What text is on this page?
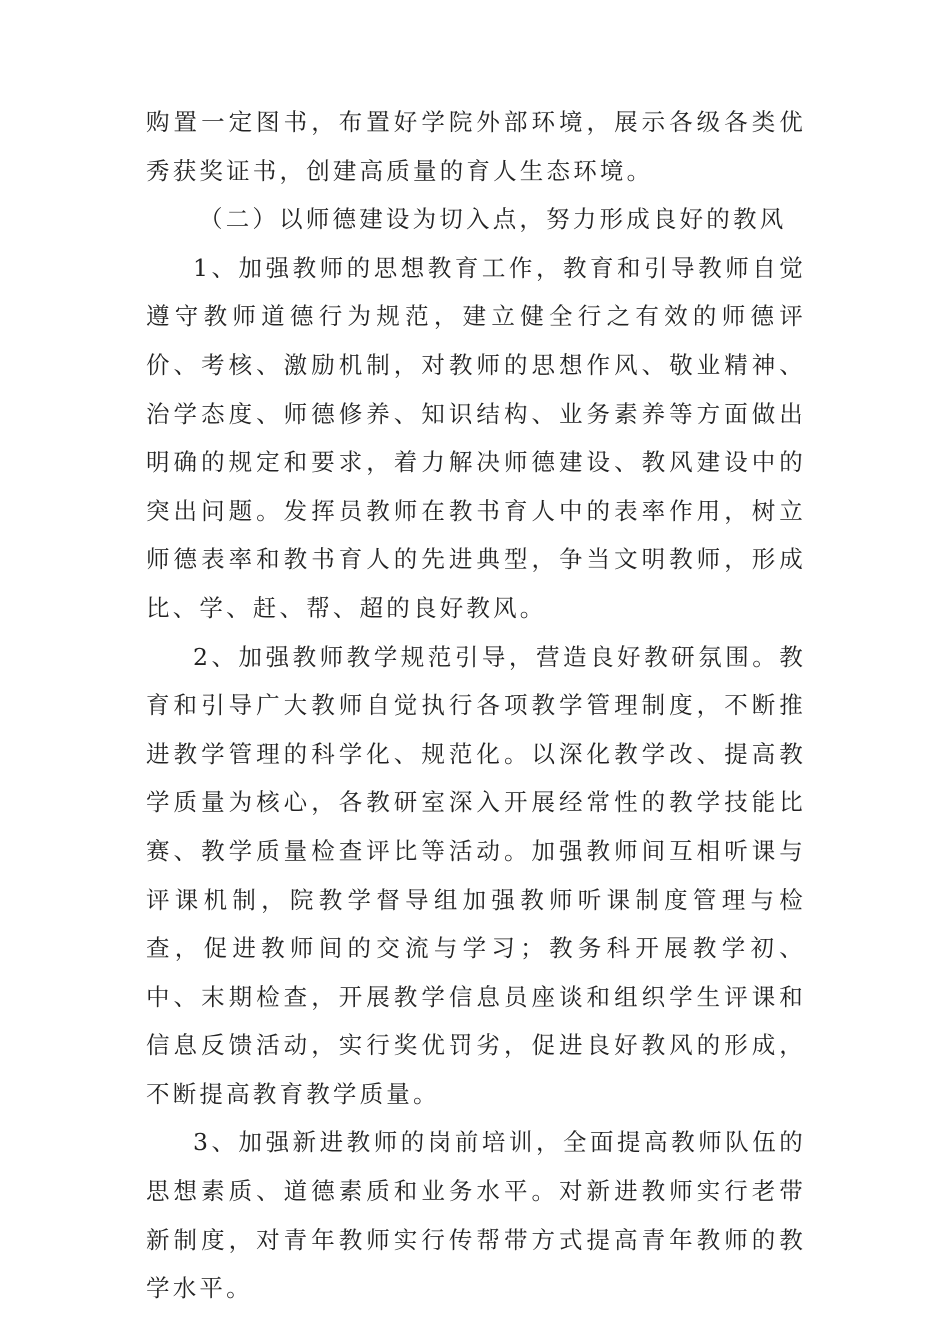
购置一定图书，布置好学院外部环境，展示各级各类优秀获奖证书，创建高质量的育人生态环境。

（二）以师德建设为切入点，努力形成良好的教风

1、加强教师的思想教育工作，教育和引导教师自觉遵守教师道德行为规范，建立健全行之有效的师德评价、考核、激励机制，对教师的思想作风、敬业精神、治学态度、师德修养、知识结构、业务素养等方面做出明确的规定和要求，着力解决师德建设、教风建设中的突出问题。发挥员教师在教书育人中的表率作用，树立师德表率和教书育人的先进典型，争当文明教师，形成比、学、赶、帮、超的良好教风。

2、加强教师教学规范引导，营造良好教研氛围。教育和引导广大教师自觉执行各项教学管理制度，不断推进教学管理的科学化、规范化。以深化教学改、提高教学质量为核心，各教研室深入开展经常性的教学技能比赛、教学质量检查评比等活动。加强教师间互相听课与评课机制，院教学督导组加强教师听课制度管理与检查，促进教师间的交流与学习；教务科开展教学初、中、末期检查，开展教学信息员座谈和组织学生评课和信息反馈活动，实行奖优罚劣，促进良好教风的形成，不断提高教育教学质量。

3、加强新进教师的岗前培训，全面提高教师队伍的思想素质、道德素质和业务水平。对新进教师实行老带新制度，对青年教师实行传帮带方式提高青年教师的教学水平。
